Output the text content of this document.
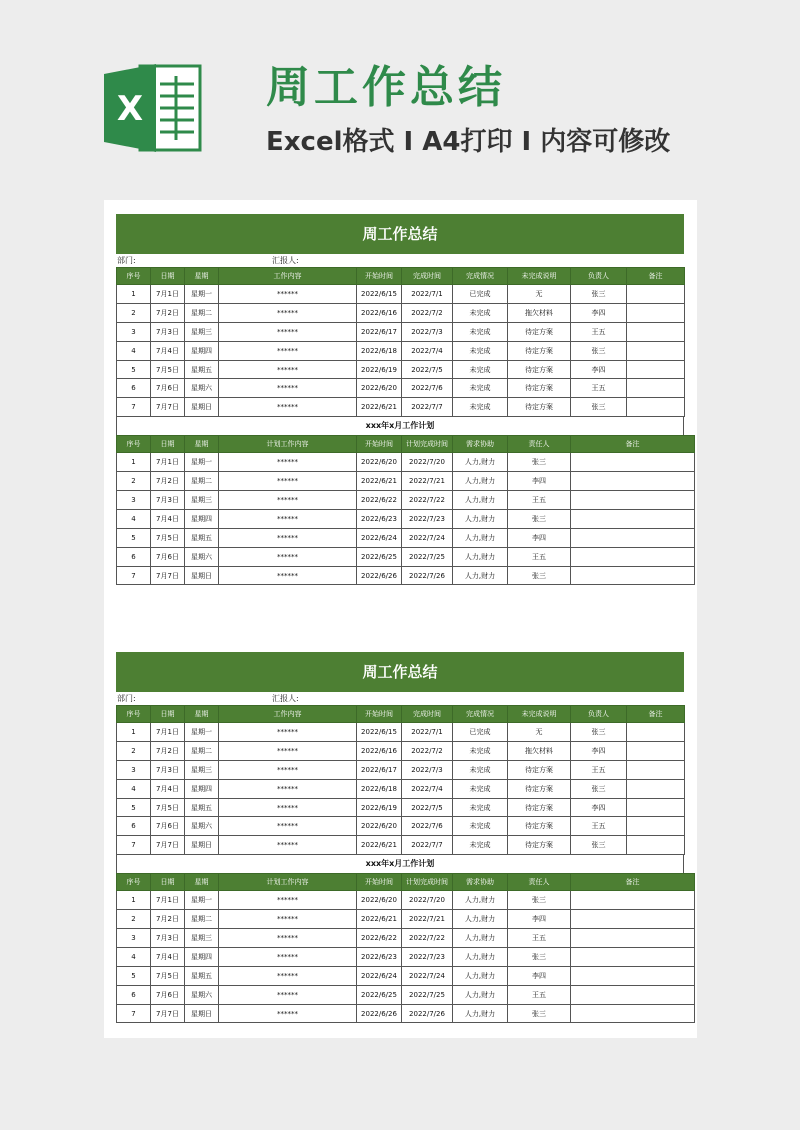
X	周工作总结
Excel格式 I A4打印 I 内容可修改
周工作总结
部门:	汇报人:
序号	日期	星期	工作内容	开始时间	完成时间	完成情况	未完成说明	负责人	备注
1	7月1日	星期一	******	2022/6/15	2022/7/1	已完成	无	张三	
2	7月2日	星期二	******	2022/6/16	2022/7/2	未完成	拖欠材料	李四	
3	7月3日	星期三	******	2022/6/17	2022/7/3	未完成	待定方案	王五	
4	7月4日	星期四	******	2022/6/18	2022/7/4	未完成	待定方案	张三	
5	7月5日	星期五	******	2022/6/19	2022/7/5	未完成	待定方案	李四	
6	7月6日	星期六	******	2022/6/20	2022/7/6	未完成	待定方案	王五	
7	7月7日	星期日	******	2022/6/21	2022/7/7	未完成	待定方案	张三	
xxx年x月工作计划
序号	日期	星期	计划工作内容	开始时间	计划完成时间	需求协助	责任人	备注
1	7月1日	星期一	******	2022/6/20	2022/7/20	人力,财力	张三	
2	7月2日	星期二	******	2022/6/21	2022/7/21	人力,财力	李四	
3	7月3日	星期三	******	2022/6/22	2022/7/22	人力,财力	王五	
4	7月4日	星期四	******	2022/6/23	2022/7/23	人力,财力	张三	
5	7月5日	星期五	******	2022/6/24	2022/7/24	人力,财力	李四	
6	7月6日	星期六	******	2022/6/25	2022/7/25	人力,财力	王五	
7	7月7日	星期日	******	2022/6/26	2022/7/26	人力,财力	张三	
周工作总结
部门:	汇报人:
序号	日期	星期	工作内容	开始时间	完成时间	完成情况	未完成说明	负责人	备注
1	7月1日	星期一	******	2022/6/15	2022/7/1	已完成	无	张三	
2	7月2日	星期二	******	2022/6/16	2022/7/2	未完成	拖欠材料	李四	
3	7月3日	星期三	******	2022/6/17	2022/7/3	未完成	待定方案	王五	
4	7月4日	星期四	******	2022/6/18	2022/7/4	未完成	待定方案	张三	
5	7月5日	星期五	******	2022/6/19	2022/7/5	未完成	待定方案	李四	
6	7月6日	星期六	******	2022/6/20	2022/7/6	未完成	待定方案	王五	
7	7月7日	星期日	******	2022/6/21	2022/7/7	未完成	待定方案	张三	
xxx年x月工作计划
序号	日期	星期	计划工作内容	开始时间	计划完成时间	需求协助	责任人	备注
1	7月1日	星期一	******	2022/6/20	2022/7/20	人力,财力	张三	
2	7月2日	星期二	******	2022/6/21	2022/7/21	人力,财力	李四	
3	7月3日	星期三	******	2022/6/22	2022/7/22	人力,财力	王五	
4	7月4日	星期四	******	2022/6/23	2022/7/23	人力,财力	张三	
5	7月5日	星期五	******	2022/6/24	2022/7/24	人力,财力	李四	
6	7月6日	星期六	******	2022/6/25	2022/7/25	人力,财力	王五	
7	7月7日	星期日	******	2022/6/26	2022/7/26	人力,财力	张三	
